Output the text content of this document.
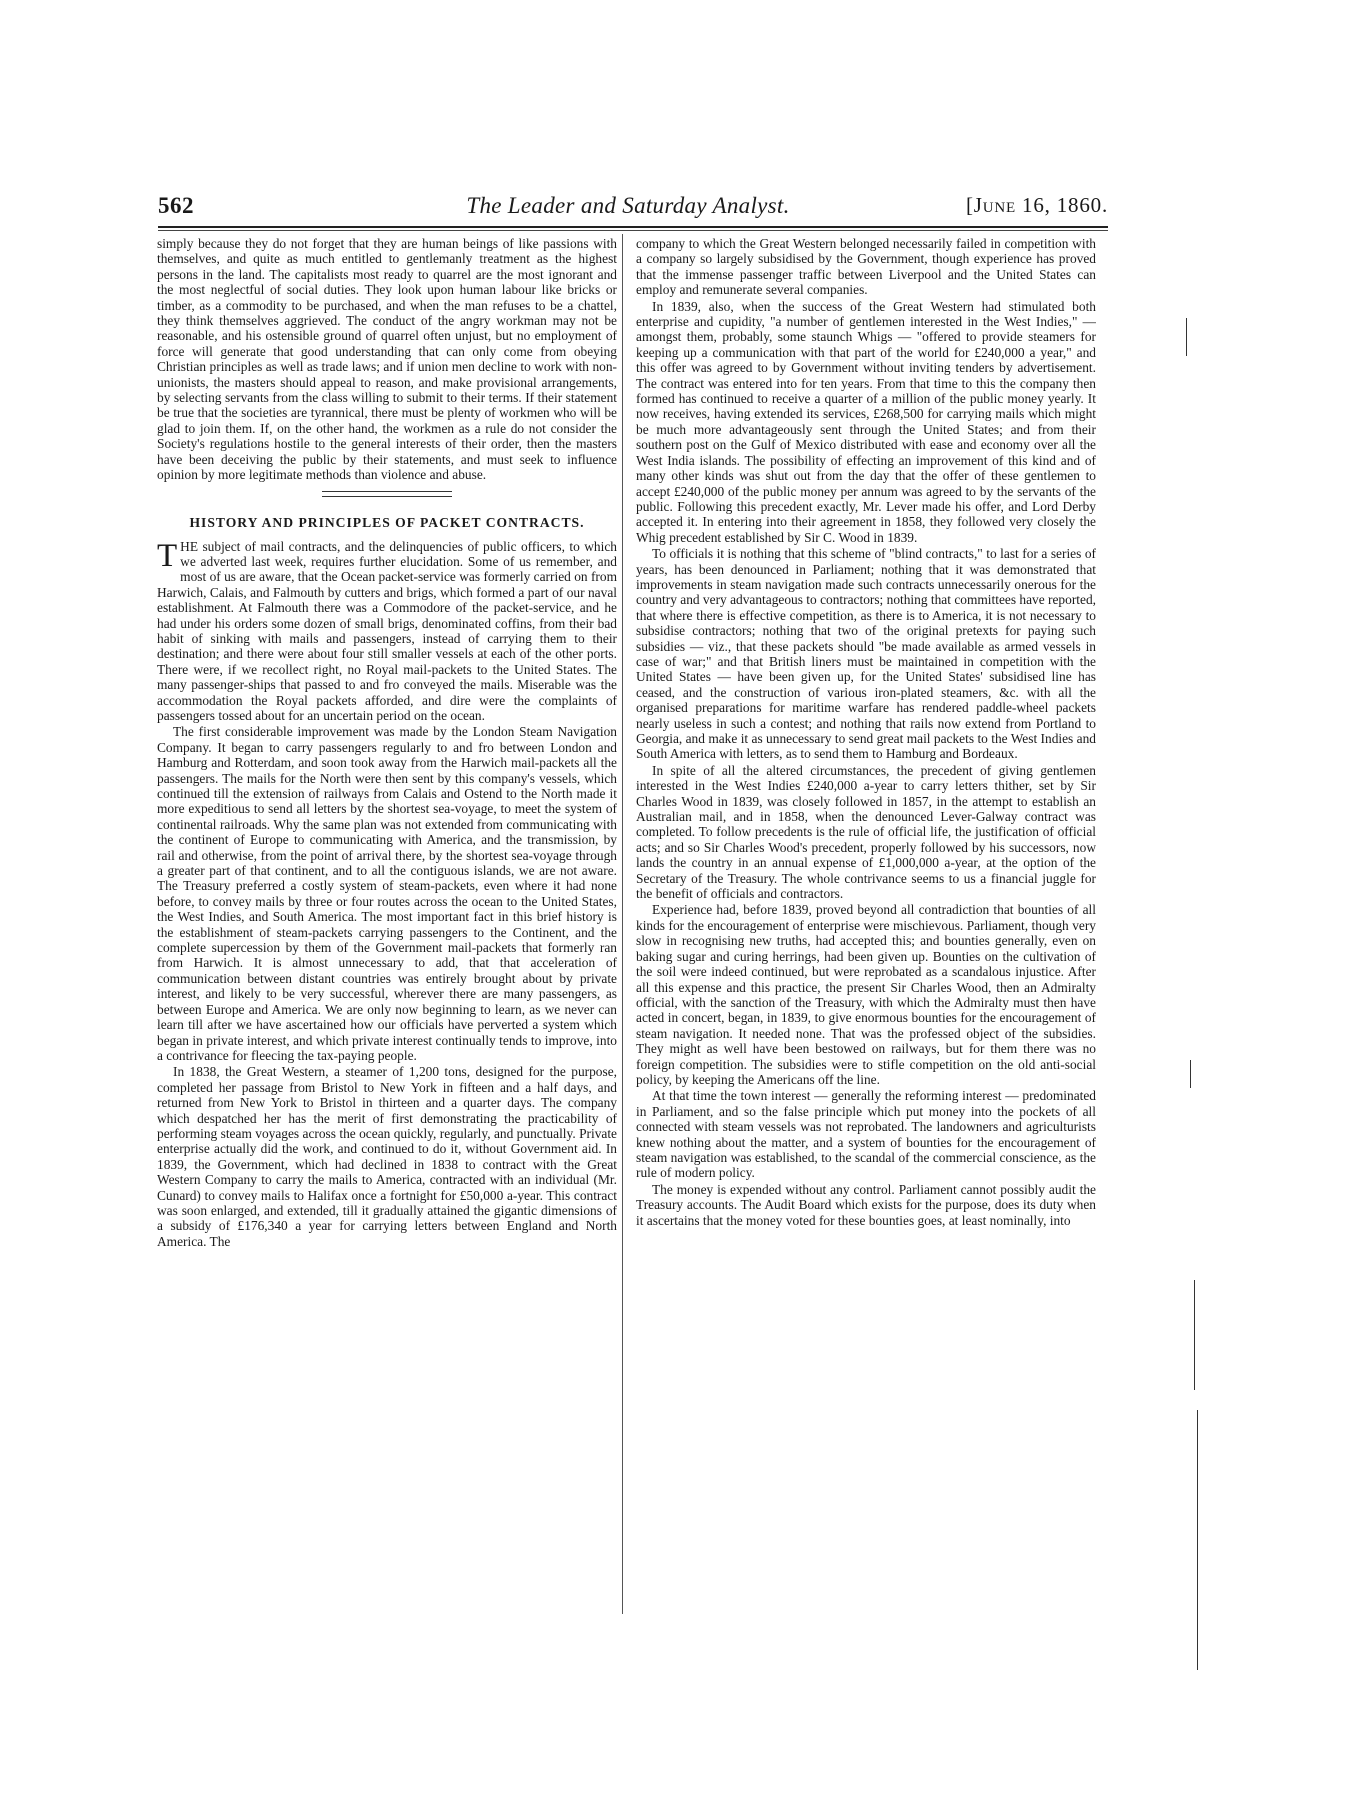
562	The Leader and Saturday Analyst.	[June 16, 1860.

simply because they do not forget that they are human beings of like passions with themselves, and quite as much entitled to gentlemanly treatment as the highest persons in the land. The capitalists most ready to quarrel are the most ignorant and the most neglectful of social duties. They look upon human labour like bricks or timber, as a commodity to be purchased, and when the man refuses to be a chattel, they think themselves aggrieved. The conduct of the angry workman may not be reasonable, and his ostensible ground of quarrel often unjust, but no employment of force will generate that good understanding that can only come from obeying Christian principles as well as trade laws; and if union men decline to work with non-unionists, the masters should appeal to reason, and make provisional arrangements, by selecting servants from the class willing to submit to their terms. If their statement be true that the societies are tyrannical, there must be plenty of workmen who will be glad to join them. If, on the other hand, the workmen as a rule do not consider the Society's regulations hostile to the general interests of their order, then the masters have been deceiving the public by their statements, and must seek to influence opinion by more legitimate methods than violence and abuse.

HISTORY AND PRINCIPLES OF PACKET CONTRACTS.

THE subject of mail contracts, and the delinquencies of public officers, to which we adverted last week, requires further elucidation. Some of us remember, and most of us are aware, that the Ocean packet-service was formerly carried on from Harwich, Calais, and Falmouth by cutters and brigs, which formed a part of our naval establishment. At Falmouth there was a Commodore of the packet-service, and he had under his orders some dozen of small brigs, denominated coffins, from their bad habit of sinking with mails and passengers, instead of carrying them to their destination; and there were about four still smaller vessels at each of the other ports. There were, if we recollect right, no Royal mail-packets to the United States. The many passenger-ships that passed to and fro conveyed the mails. Miserable was the accommodation the Royal packets afforded, and dire were the complaints of passengers tossed about for an uncertain period on the ocean.

The first considerable improvement was made by the London Steam Navigation Company. It began to carry passengers regularly to and fro between London and Hamburg and Rotterdam, and soon took away from the Harwich mail-packets all the passengers. The mails for the North were then sent by this company's vessels, which continued till the extension of railways from Calais and Ostend to the North made it more expeditious to send all letters by the shortest sea-voyage, to meet the system of continental railroads. Why the same plan was not extended from communicating with the continent of Europe to communicating with America, and the transmission, by rail and otherwise, from the point of arrival there, by the shortest sea-voyage through a greater part of that continent, and to all the contiguous islands, we are not aware. The Treasury preferred a costly system of steam-packets, even where it had none before, to convey mails by three or four routes across the ocean to the United States, the West Indies, and South America. The most important fact in this brief history is the establishment of steam-packets carrying passengers to the Continent, and the complete supercession by them of the Government mail-packets that formerly ran from Harwich. It is almost unnecessary to add, that that acceleration of communication between distant countries was entirely brought about by private interest, and likely to be very successful, wherever there are many passengers, as between Europe and America. We are only now beginning to learn, as we never can learn till after we have ascertained how our officials have perverted a system which began in private interest, and which private interest continually tends to improve, into a contrivance for fleecing the tax-paying people.

In 1838, the Great Western, a steamer of 1,200 tons, designed for the purpose, completed her passage from Bristol to New York in fifteen and a half days, and returned from New York to Bristol in thirteen and a quarter days. The company which despatched her has the merit of first demonstrating the practicability of performing steam voyages across the ocean quickly, regularly, and punctually. Private enterprise actually did the work, and continued to do it, without Government aid. In 1839, the Government, which had declined in 1838 to contract with the Great Western Company to carry the mails to America, contracted with an individual (Mr. Cunard) to convey mails to Halifax once a fortnight for £50,000 a-year. This contract was soon enlarged, and extended, till it gradually attained the gigantic dimensions of a subsidy of £176,340 a year for carrying letters between England and North America. The

company to which the Great Western belonged necessarily failed in competition with a company so largely subsidised by the Government, though experience has proved that the immense passenger traffic between Liverpool and the United States can employ and remunerate several companies.

In 1839, also, when the success of the Great Western had stimulated both enterprise and cupidity, "a number of gentlemen interested in the West Indies," — amongst them, probably, some staunch Whigs — "offered to provide steamers for keeping up a communication with that part of the world for £240,000 a year," and this offer was agreed to by Government without inviting tenders by advertisement. The contract was entered into for ten years. From that time to this the company then formed has continued to receive a quarter of a million of the public money yearly. It now receives, having extended its services, £268,500 for carrying mails which might be much more advantageously sent through the United States; and from their southern post on the Gulf of Mexico distributed with ease and economy over all the West India islands. The possibility of effecting an improvement of this kind and of many other kinds was shut out from the day that the offer of these gentlemen to accept £240,000 of the public money per annum was agreed to by the servants of the public. Following this precedent exactly, Mr. Lever made his offer, and Lord Derby accepted it. In entering into their agreement in 1858, they followed very closely the Whig precedent established by Sir C. Wood in 1839.

To officials it is nothing that this scheme of "blind contracts," to last for a series of years, has been denounced in Parliament; nothing that it was demonstrated that improvements in steam navigation made such contracts unnecessarily onerous for the country and very advantageous to contractors; nothing that committees have reported, that where there is effective competition, as there is to America, it is not necessary to subsidise contractors; nothing that two of the original pretexts for paying such subsidies — viz., that these packets should "be made available as armed vessels in case of war;" and that British liners must be maintained in competition with the United States — have been given up, for the United States' subsidised line has ceased, and the construction of various iron-plated steamers, &c. with all the organised preparations for maritime warfare has rendered paddle-wheel packets nearly useless in such a contest; and nothing that rails now extend from Portland to Georgia, and make it as unnecessary to send great mail packets to the West Indies and South America with letters, as to send them to Hamburg and Bordeaux.

In spite of all the altered circumstances, the precedent of giving gentlemen interested in the West Indies £240,000 a-year to carry letters thither, set by Sir Charles Wood in 1839, was closely followed in 1857, in the attempt to establish an Australian mail, and in 1858, when the denounced Lever-Galway contract was completed. To follow precedents is the rule of official life, the justification of official acts; and so Sir Charles Wood's precedent, properly followed by his successors, now lands the country in an annual expense of £1,000,000 a-year, at the option of the Secretary of the Treasury. The whole contrivance seems to us a financial juggle for the benefit of officials and contractors.

Experience had, before 1839, proved beyond all contradiction that bounties of all kinds for the encouragement of enterprise were mischievous. Parliament, though very slow in recognising new truths, had accepted this; and bounties generally, even on baking sugar and curing herrings, had been given up. Bounties on the cultivation of the soil were indeed continued, but were reprobated as a scandalous injustice. After all this expense and this practice, the present Sir Charles Wood, then an Admiralty official, with the sanction of the Treasury, with which the Admiralty must then have acted in concert, began, in 1839, to give enormous bounties for the encouragement of steam navigation. It needed none. That was the professed object of the subsidies. They might as well have been bestowed on railways, but for them there was no foreign competition. The subsidies were to stifle competition on the old anti-social policy, by keeping the Americans off the line.

At that time the town interest — generally the reforming interest — predominated in Parliament, and so the false principle which put money into the pockets of all connected with steam vessels was not reprobated. The landowners and agriculturists knew nothing about the matter, and a system of bounties for the encouragement of steam navigation was established, to the scandal of the commercial conscience, as the rule of modern policy.

The money is expended without any control. Parliament cannot possibly audit the Treasury accounts. The Audit Board which exists for the purpose, does its duty when it ascertains that the money voted for these bounties goes, at least nominally, into
